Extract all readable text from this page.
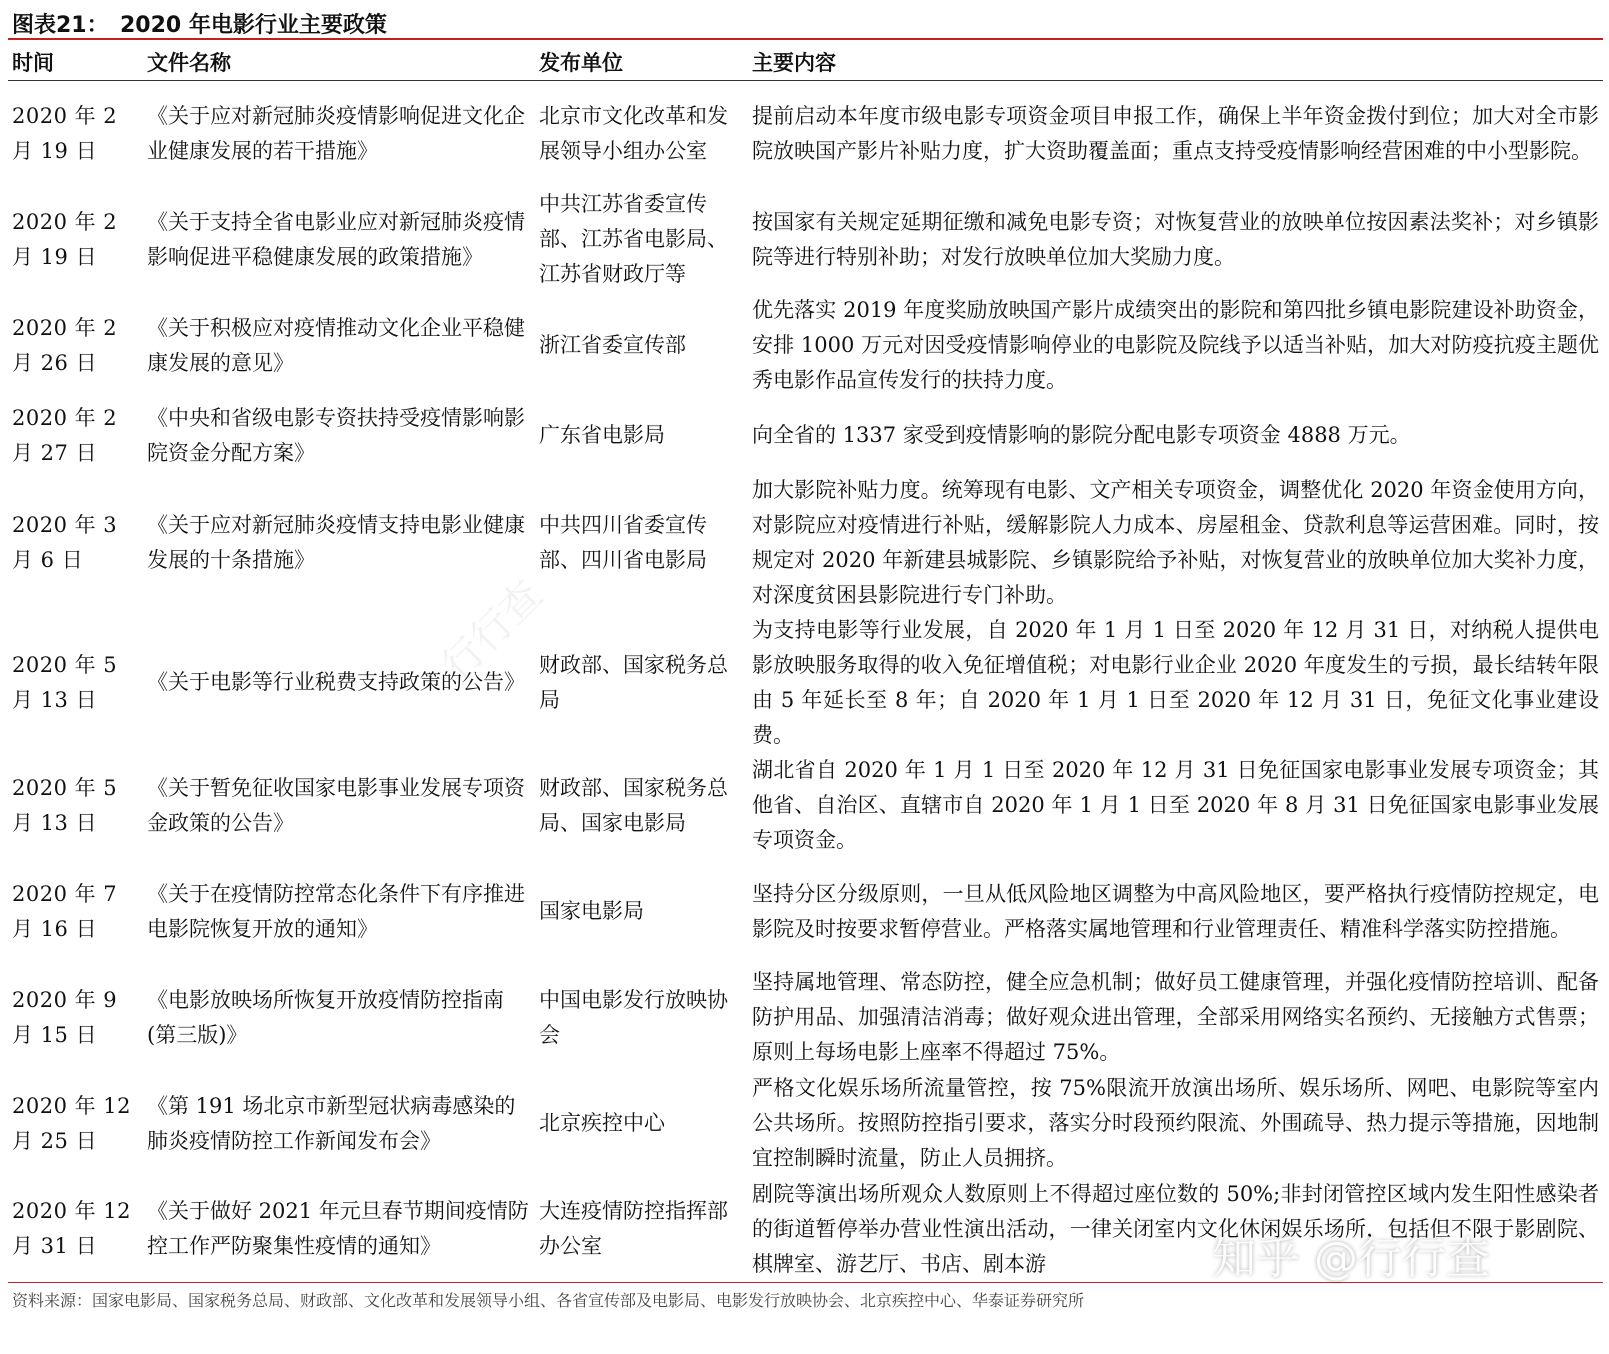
图表21： 2020 年电影行业主要政策
时间	文件名称	发布单位	主要内容
2020 年 2 月 19 日	《关于应对新冠肺炎疫情影响促进文化企业健康发展的若干措施》	北京市文化改革和发展领导小组办公室	提前启动本年度市级电影专项资金项目申报工作，确保上半年资金拨付到位；加大对全市影院放映国产影片补贴力度，扩大资助覆盖面；重点支持受疫情影响经营困难的中小型影院。
2020 年 2 月 19 日	《关于支持全省电影业应对新冠肺炎疫情影响促进平稳健康发展的政策措施》	中共江苏省委宣传部、江苏省电影局、江苏省财政厅等	按国家有关规定延期征缴和减免电影专资；对恢复营业的放映单位按因素法奖补；对乡镇影院等进行特别补助；对发行放映单位加大奖励力度。
2020 年 2 月 26 日	《关于积极应对疫情推动文化企业平稳健康发展的意见》	浙江省委宣传部	优先落实 2019 年度奖励放映国产影片成绩突出的影院和第四批乡镇电影院建设补助资金，安排 1000 万元对因受疫情影响停业的电影院及院线予以适当补贴，加大对防疫抗疫主题优秀电影作品宣传发行的扶持力度。
2020 年 2 月 27 日	《中央和省级电影专资扶持受疫情影响影院资金分配方案》	广东省电影局	向全省的 1337 家受到疫情影响的影院分配电影专项资金 4888 万元。
2020 年 3 月 6 日	《关于应对新冠肺炎疫情支持电影业健康发展的十条措施》	中共四川省委宣传部、四川省电影局	加大影院补贴力度。统筹现有电影、文产相关专项资金，调整优化 2020 年资金使用方向，对影院应对疫情进行补贴，缓解影院人力成本、房屋租金、贷款利息等运营困难。同时，按规定对 2020 年新建县城影院、乡镇影院给予补贴，对恢复营业的放映单位加大奖补力度，对深度贫困县影院进行专门补助。
2020 年 5 月 13 日	《关于电影等行业税费支持政策的公告》	财政部、国家税务总局	为支持电影等行业发展，自 2020 年 1 月 1 日至 2020 年 12 月 31 日，对纳税人提供电影放映服务取得的收入免征增值税；对电影行业企业 2020 年度发生的亏损，最长结转年限由 5 年延长至 8 年；自 2020 年 1 月 1 日至 2020 年 12 月 31 日，免征文化事业建设费。
2020 年 5 月 13 日	《关于暂免征收国家电影事业发展专项资金政策的公告》	财政部、国家税务总局、国家电影局	湖北省自 2020 年 1 月 1 日至 2020 年 12 月 31 日免征国家电影事业发展专项资金；其他省、自治区、直辖市自 2020 年 1 月 1 日至 2020 年 8 月 31 日免征国家电影事业发展专项资金。
2020 年 7 月 16 日	《关于在疫情防控常态化条件下有序推进电影院恢复开放的通知》	国家电影局	坚持分区分级原则，一旦从低风险地区调整为中高风险地区，要严格执行疫情防控规定，电影院及时按要求暂停营业。严格落实属地管理和行业管理责任、精准科学落实防控措施。
2020 年 9 月 15 日	《电影放映场所恢复开放疫情防控指南(第三版)》	中国电影发行放映协会	坚持属地管理、常态防控，健全应急机制；做好员工健康管理，并强化疫情防控培训、配备防护用品、加强清洁消毒；做好观众进出管理，全部采用网络实名预约、无接触方式售票；原则上每场电影上座率不得超过 75%。
2020 年 12 月 25 日	《第 191 场北京市新型冠状病毒感染的肺炎疫情防控工作新闻发布会》	北京疾控中心	严格文化娱乐场所流量管控，按 75%限流开放演出场所、娱乐场所、网吧、电影院等室内公共场所。按照防控指引要求，落实分时段预约限流、外围疏导、热力提示等措施，因地制宜控制瞬时流量，防止人员拥挤。
2020 年 12 月 31 日	《关于做好 2021 年元旦春节期间疫情防控工作严防聚集性疫情的通知》	大连疫情防控指挥部办公室	剧院等演出场所观众人数原则上不得超过座位数的 50%;非封闭管控区域内发生阳性感染者的街道暂停举办营业性演出活动，一律关闭室内文化休闲娱乐场所，包括但不限于影剧院、棋牌室、游艺厅、书店、剧本游
资料来源：国家电影局、国家税务总局、财政部、文化改革和发展领导小组、各省宣传部及电影局、电影发行放映协会、北京疾控中心、华泰证券研究所
行行查
知乎 @行行查
